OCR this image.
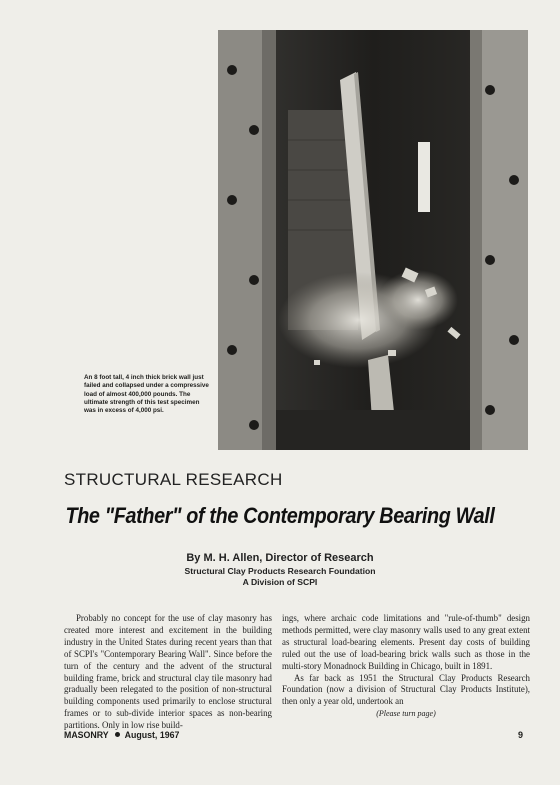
An 8 foot tall, 4 inch thick brick wall just failed and collapsed under a compressive load of almost 400,000 pounds. The ultimate strength of this test specimen was in excess of 4,000 psi.
STRUCTURAL RESEARCH
The "Father" of the Contemporary Bearing Wall
By M. H. Allen, Director of Research
Structural Clay Products Research Foundation
A Division of SCPI
Probably no concept for the use of clay masonry has created more interest and excitement in the building industry in the United States during recent years than that of SCPI's "Contemporary Bearing Wall". Since before the turn of the century and the advent of the structural building frame, brick and structural clay tile masonry had gradually been relegated to the position of non-structural building components used primarily to enclose structural frames or to sub-divide interior spaces as non-bearing partitions. Only in low rise build-
ings, where archaic code limitations and "rule-of-thumb" design methods permitted, were clay masonry walls used to any great extent as structural load-bearing elements. Present day costs of building ruled out the use of load-bearing brick walls such as those in the multi-story Monadnock Building in Chicago, built in 1891.
As far back as 1951 the Structural Clay Products Research Foundation (now a division of Structural Clay Products Institute), then only a year old, undertook an
(Please turn page)
MASONRY August, 1967	9
